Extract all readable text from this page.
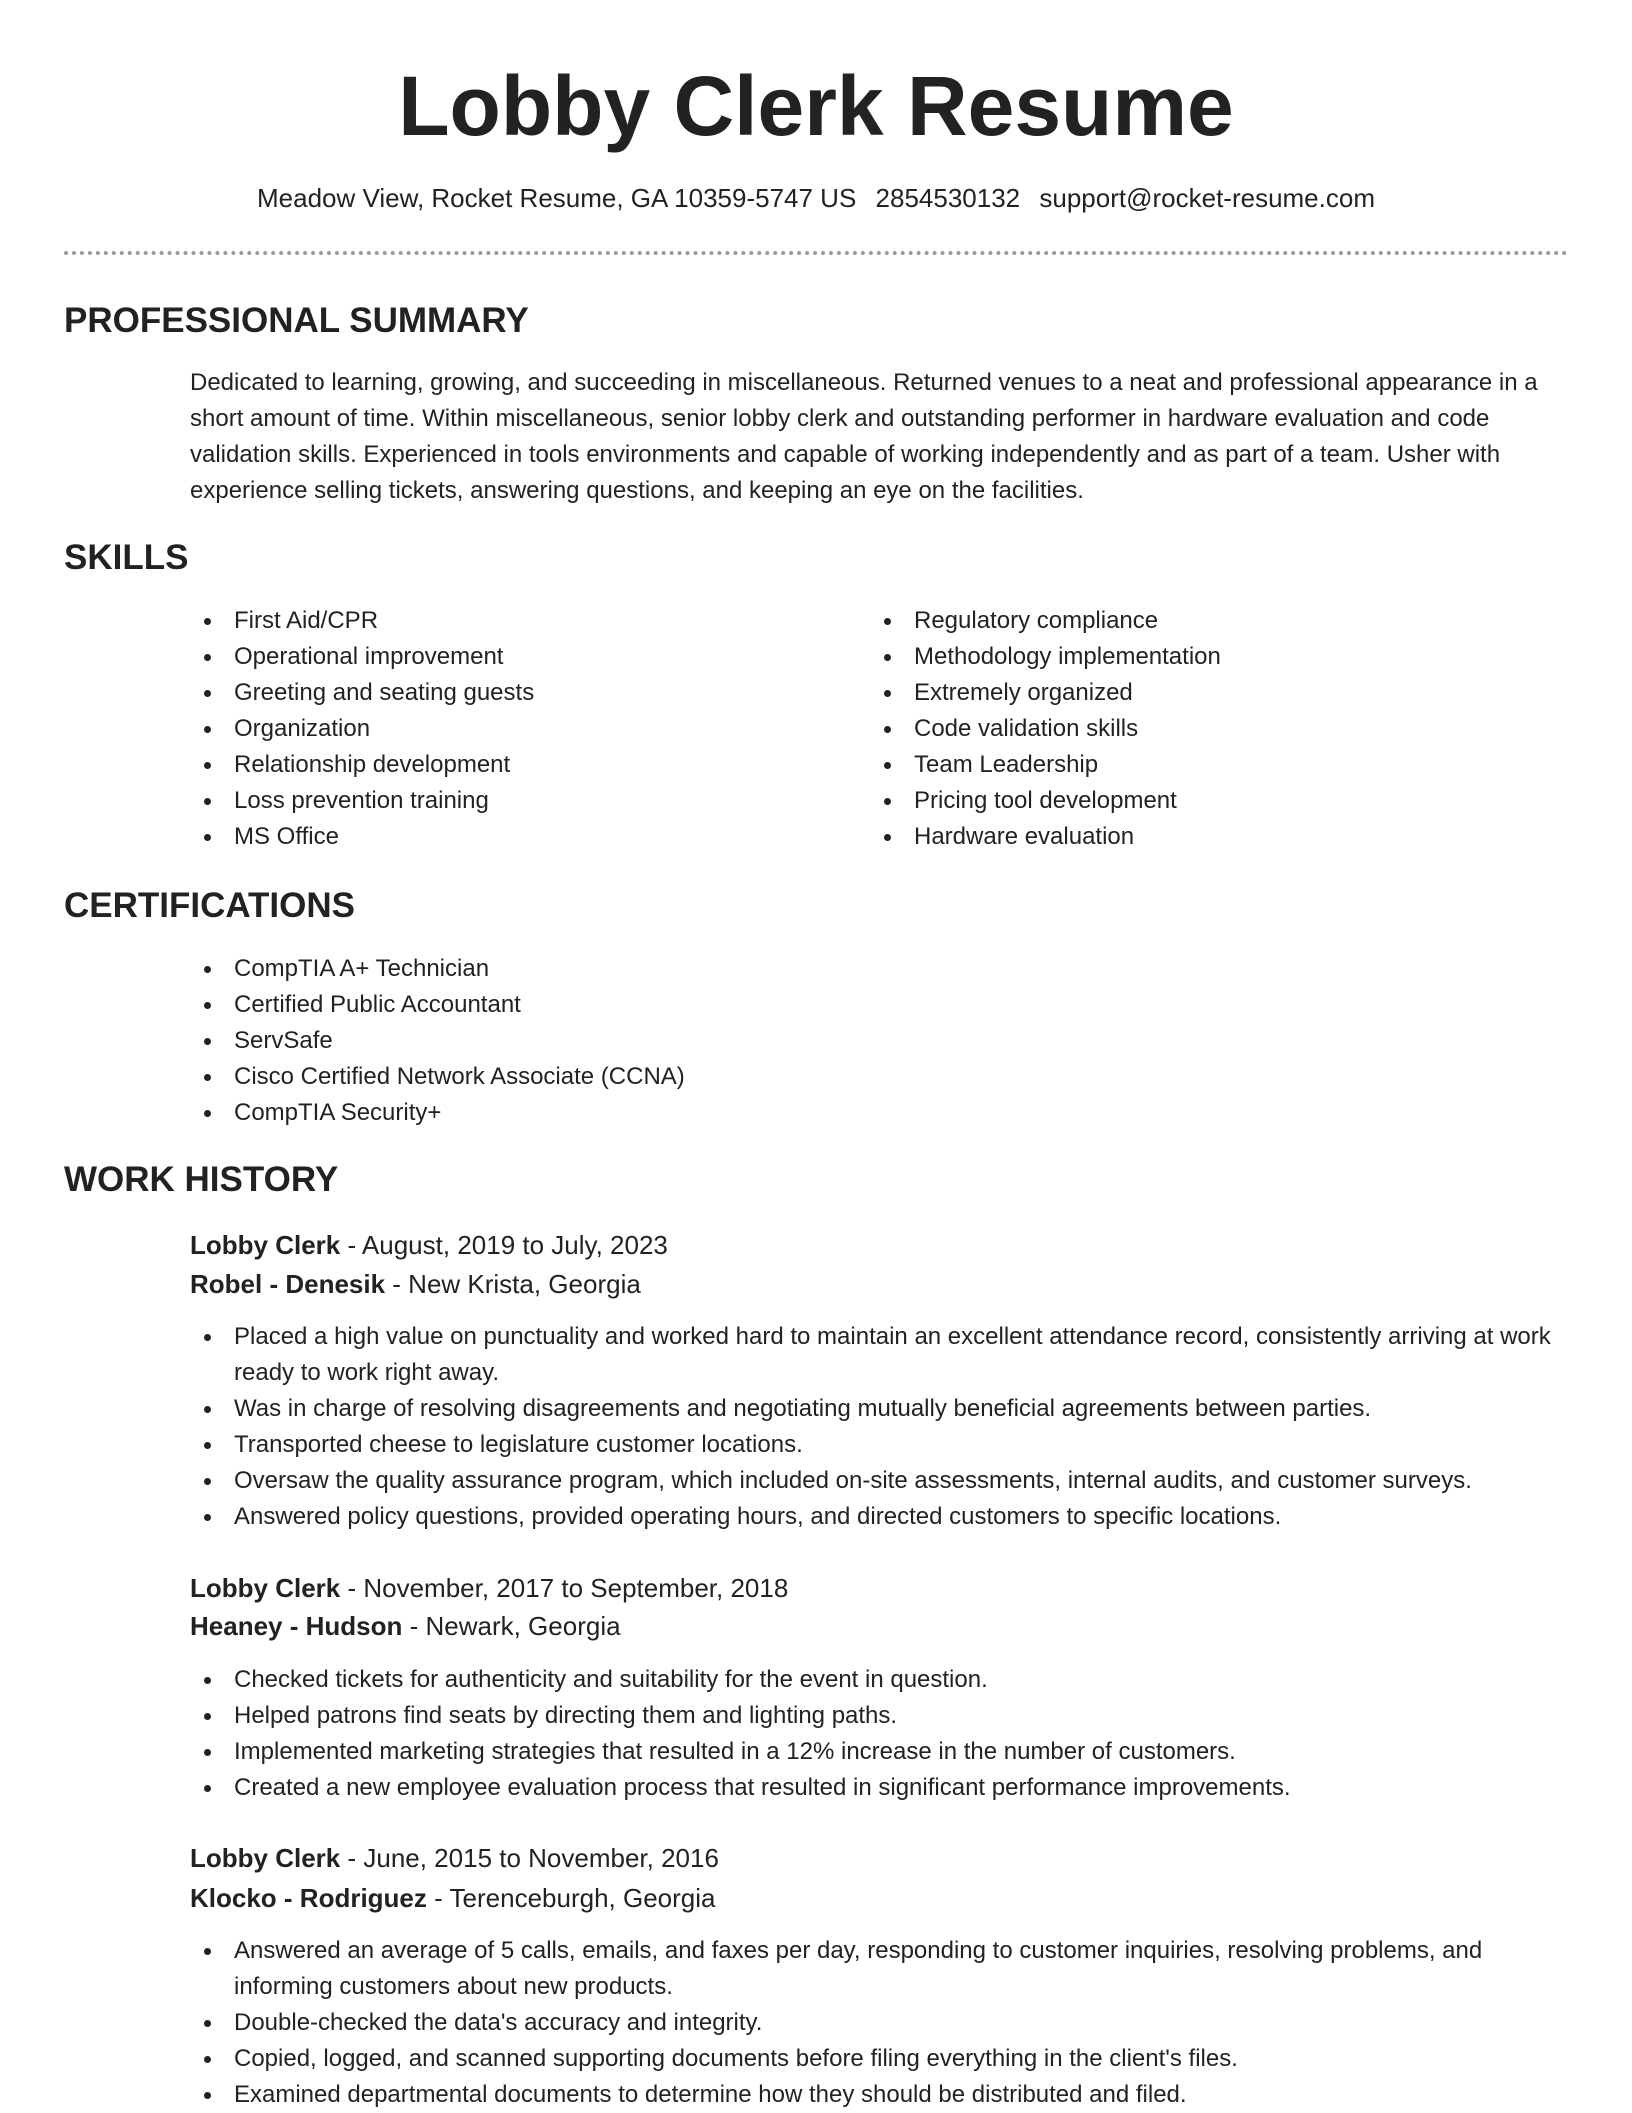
Lobby Clerk Resume
Meadow View, Rocket Resume, GA 10359-5747 US 2854530132 support@rocket-resume.com
PROFESSIONAL SUMMARY

Dedicated to learning, growing, and succeeding in miscellaneous. Returned venues to a neat and professional appearance in a short amount of time. Within miscellaneous, senior lobby clerk and outstanding performer in hardware evaluation and code validation skills. Experienced in tools environments and capable of working independently and as part of a team. Usher with experience selling tickets, answering questions, and keeping an eye on the facilities.

SKILLS
First Aid/CPR
Operational improvement
Greeting and seating guests
Organization
Relationship development
Loss prevention training
MS Office
Regulatory compliance
Methodology implementation
Extremely organized
Code validation skills
Team Leadership
Pricing tool development
Hardware evaluation
CERTIFICATIONS
CompTIA A+ Technician
Certified Public Accountant
ServSafe
Cisco Certified Network Associate (CCNA)
CompTIA Security+
WORK HISTORY
Lobby Clerk - August, 2019 to July, 2023
Robel - Denesik - New Krista, Georgia
Placed a high value on punctuality and worked hard to maintain an excellent attendance record, consistently arriving at work ready to work right away.
Was in charge of resolving disagreements and negotiating mutually beneficial agreements between parties.
Transported cheese to legislature customer locations.
Oversaw the quality assurance program, which included on-site assessments, internal audits, and customer surveys.
Answered policy questions, provided operating hours, and directed customers to specific locations.
Lobby Clerk - November, 2017 to September, 2018
Heaney - Hudson - Newark, Georgia
Checked tickets for authenticity and suitability for the event in question.
Helped patrons find seats by directing them and lighting paths.
Implemented marketing strategies that resulted in a 12% increase in the number of customers.
Created a new employee evaluation process that resulted in significant performance improvements.
Lobby Clerk - June, 2015 to November, 2016
Klocko - Rodriguez - Terenceburgh, Georgia
Answered an average of 5 calls, emails, and faxes per day, responding to customer inquiries, resolving problems, and informing customers about new products.
Double-checked the data's accuracy and integrity.
Copied, logged, and scanned supporting documents before filing everything in the client's files.
Examined departmental documents to determine how they should be distributed and filed.
